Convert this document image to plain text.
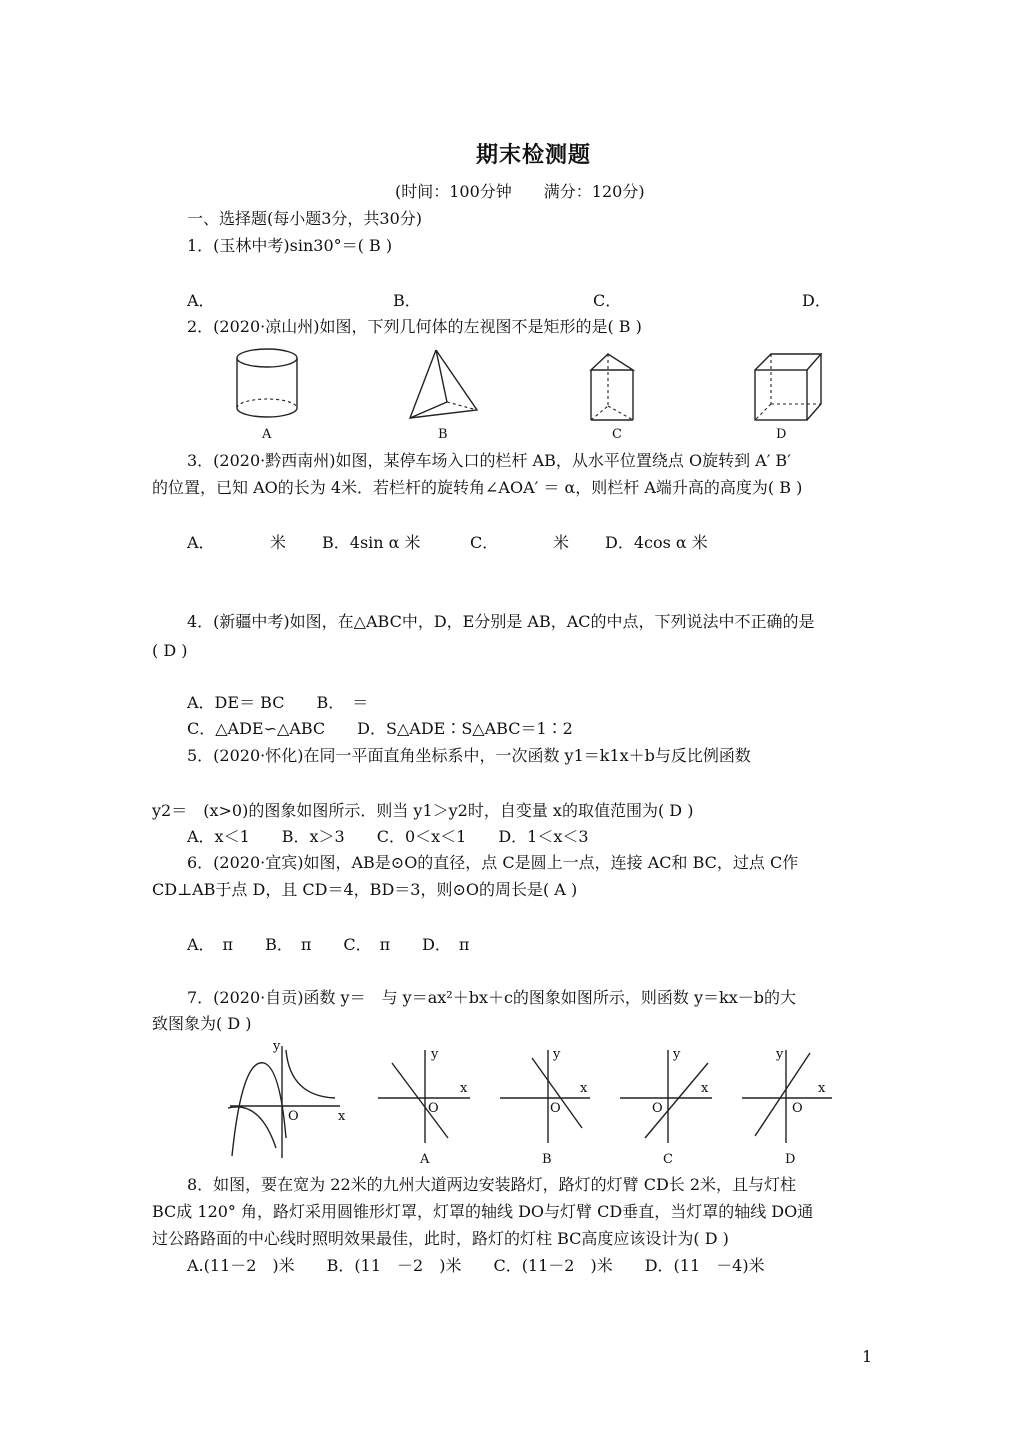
期末检测题
(时间：100分钟　　满分：120分)
一、选择题(每小题3分，共30分)
1．(玉林中考)sin30°＝( B )
A．	B．	C．	D．
2．(2020·凉山州)如图，下列几何体的左视图不是矩形的是( B )
A	B	C	D
3．(2020·黔西南州)如图，某停车场入口的栏杆 AB，从水平位置绕点 O旋转到 A′ B′
的位置，已知 AO的长为 4米．若栏杆的旋转角∠AOA′ ＝ α，则栏杆 A端升高的高度为( B )
A．	米 B．4sin α 米	C．	米 D．4cos α 米
4．(新疆中考)如图，在△ABC中，D，E分别是 AB，AC的中点，下列说法中不正确的是
( D )
A．DE＝ BC　　B．　＝
C．△ADE∽△ABC　　D．S△ADE∶S△ABC＝1∶2
5．(2020·怀化)在同一平面直角坐标系中，一次函数 y1＝k1x＋b与反比例函数
y2＝　(x>0)的图象如图所示．则当 y1＞y2时，自变量 x的取值范围为( D )
A．x＜1　　B．x＞3　　C．0＜x＜1　　D．1＜x＜3
6．(2020·宜宾)如图，AB是⊙O的直径，点 C是圆上一点，连接 AC和 BC，过点 C作
CD⊥AB于点 D，且 CD＝4，BD＝3，则⊙O的周长是( A )
A．　π　　B．　π　　C．　π　　D．　π
7．(2020·自贡)函数 y＝　与 y＝ax²＋bx＋c的图象如图所示，则函数 y＝kx－b的大
致图象为( D )
y
x
O
y
x
O
A
y
x
O
B
y
x
O
C
y
x
O
D
8．如图，要在宽为 22米的九州大道两边安装路灯，路灯的灯臂 CD长 2米，且与灯柱
BC成 120° 角，路灯采用圆锥形灯罩，灯罩的轴线 DO与灯臂 CD垂直，当灯罩的轴线 DO通
过公路路面的中心线时照明效果最佳，此时，路灯的灯柱 BC高度应该设计为( D )
A.(11－2　)米　　B．(11　－2　)米　　C．(11－2　)米　　D．(11　－4)米
1
